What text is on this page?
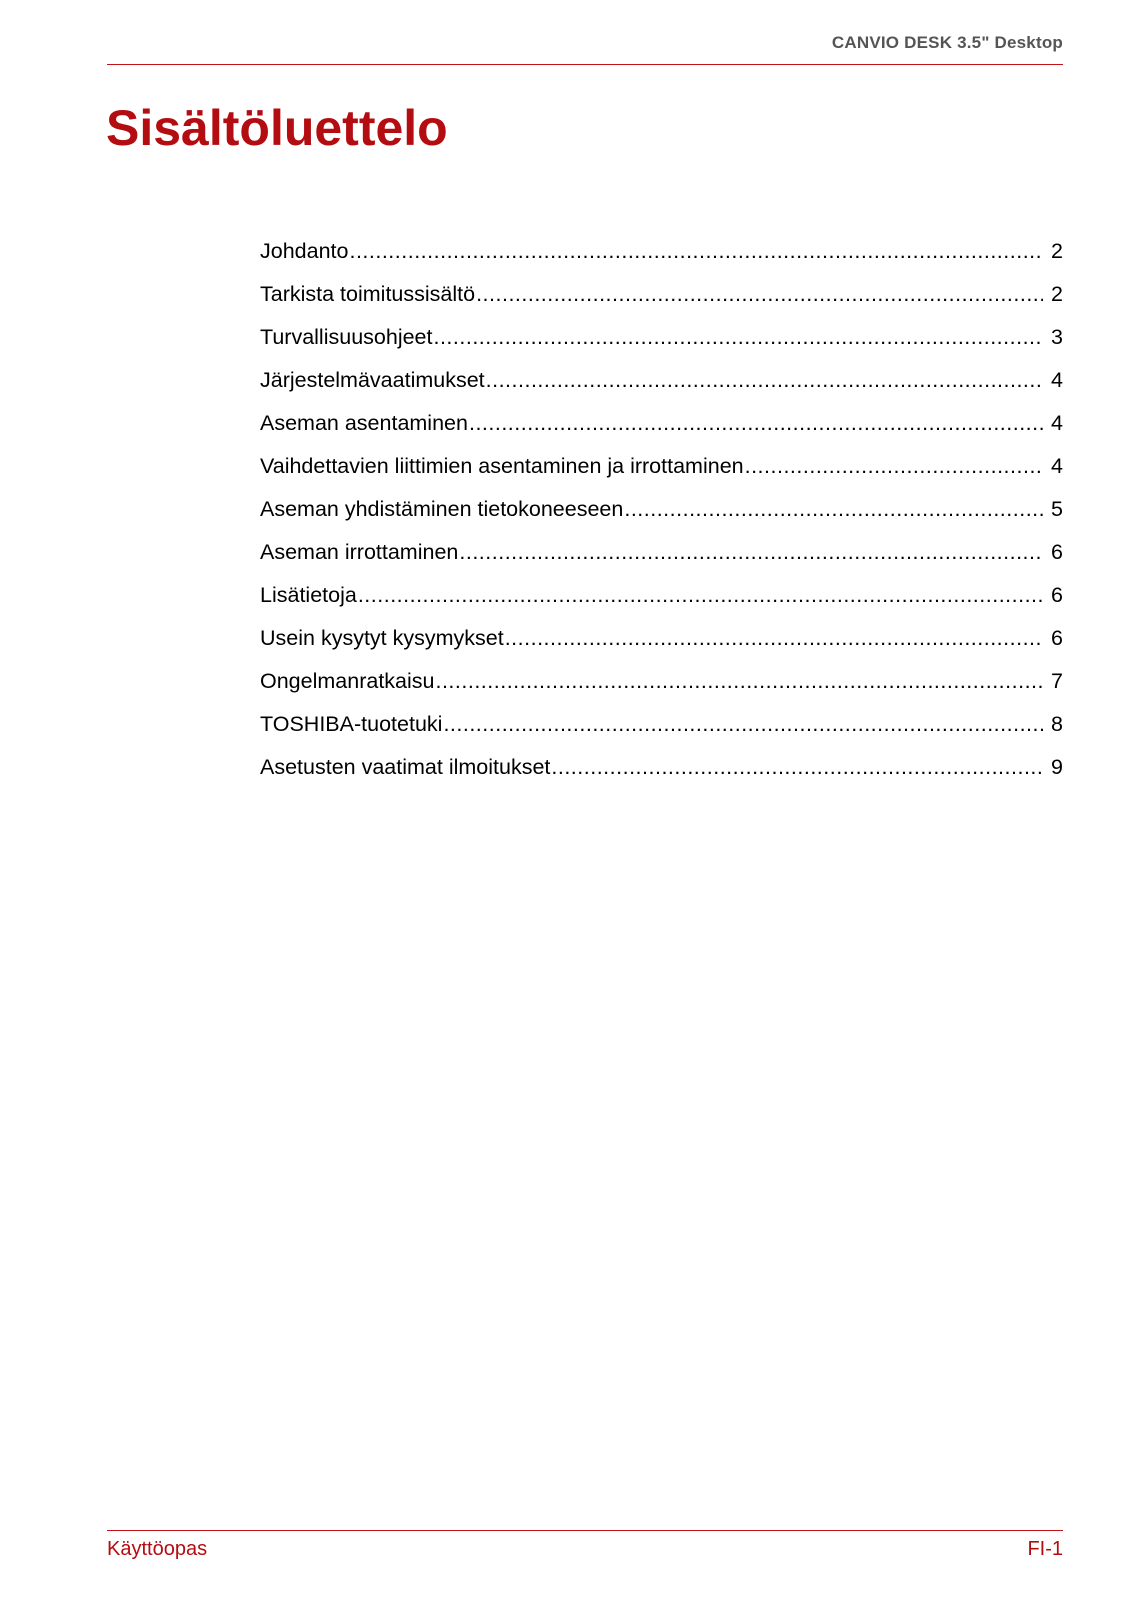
CANVIO DESK 3.5" Desktop
Sisältöluettelo
Johdanto .....	2
Tarkista toimitussisältö .....	2
Turvallisuusohjeet .....	3
Järjestelmävaatimukset .....	4
Aseman asentaminen .....	4
Vaihdettavien liittimien asentaminen ja irrottaminen .....	4
Aseman yhdistäminen tietokoneeseen .....	5
Aseman irrottaminen .....	6
Lisätietoja .....	6
Usein kysytyt kysymykset .....	6
Ongelmanratkaisu .....	7
TOSHIBA-tuotetuki .....	8
Asetusten vaatimat ilmoitukset .....	9
Käyttöopas	FI-1
